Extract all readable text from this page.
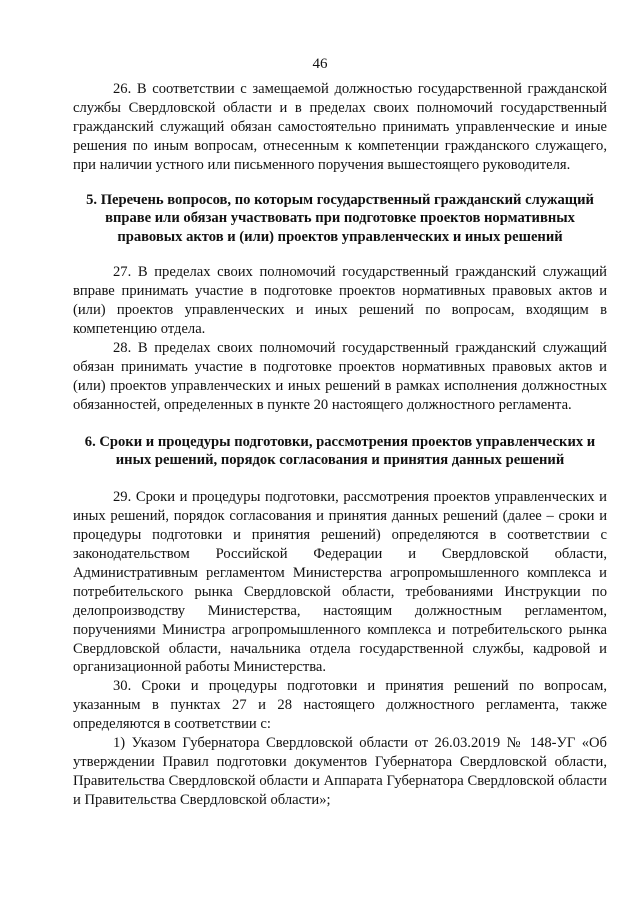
46

26. В соответствии с замещаемой должностью государственной гражданской службы Свердловской области и в пределах своих полномочий государственный гражданский служащий обязан самостоятельно принимать управленческие и иные решения по иным вопросам, отнесенным к компетенции гражданского служащего, при наличии устного или письменного поручения вышестоящего руководителя.

5. Перечень вопросов, по которым государственный гражданский служащий вправе или обязан участвовать при подготовке проектов нормативных правовых актов и (или) проектов управленческих и иных решений

27. В пределах своих полномочий государственный гражданский служащий вправе принимать участие в подготовке проектов нормативных правовых актов и (или) проектов управленческих и иных решений по вопросам, входящим в компетенцию отдела.

28. В пределах своих полномочий государственный гражданский служащий обязан принимать участие в подготовке проектов нормативных правовых актов и (или) проектов управленческих и иных решений в рамках исполнения должностных обязанностей, определенных в пункте 20 настоящего должностного регламента.

6. Сроки и процедуры подготовки, рассмотрения проектов управленческих и иных решений, порядок согласования и принятия данных решений

29. Сроки и процедуры подготовки, рассмотрения проектов управленческих и иных решений, порядок согласования и принятия данных решений (далее – сроки и процедуры подготовки и принятия решений) определяются в соответствии с законодательством Российской Федерации и Свердловской области, Административным регламентом Министерства агропромышленного комплекса и потребительского рынка Свердловской области, требованиями Инструкции по делопроизводству Министерства, настоящим должностным регламентом, поручениями Министра агропромышленного комплекса и потребительского рынка Свердловской области, начальника отдела государственной службы, кадровой и организационной работы Министерства.

30. Сроки и процедуры подготовки и принятия решений по вопросам, указанным в пунктах 27 и 28 настоящего должностного регламента, также определяются в соответствии с:

1) Указом Губернатора Свердловской области от 26.03.2019 № 148-УГ «Об утверждении Правил подготовки документов Губернатора Свердловской области, Правительства Свердловской области и Аппарата Губернатора Свердловской области и Правительства Свердловской области»;
